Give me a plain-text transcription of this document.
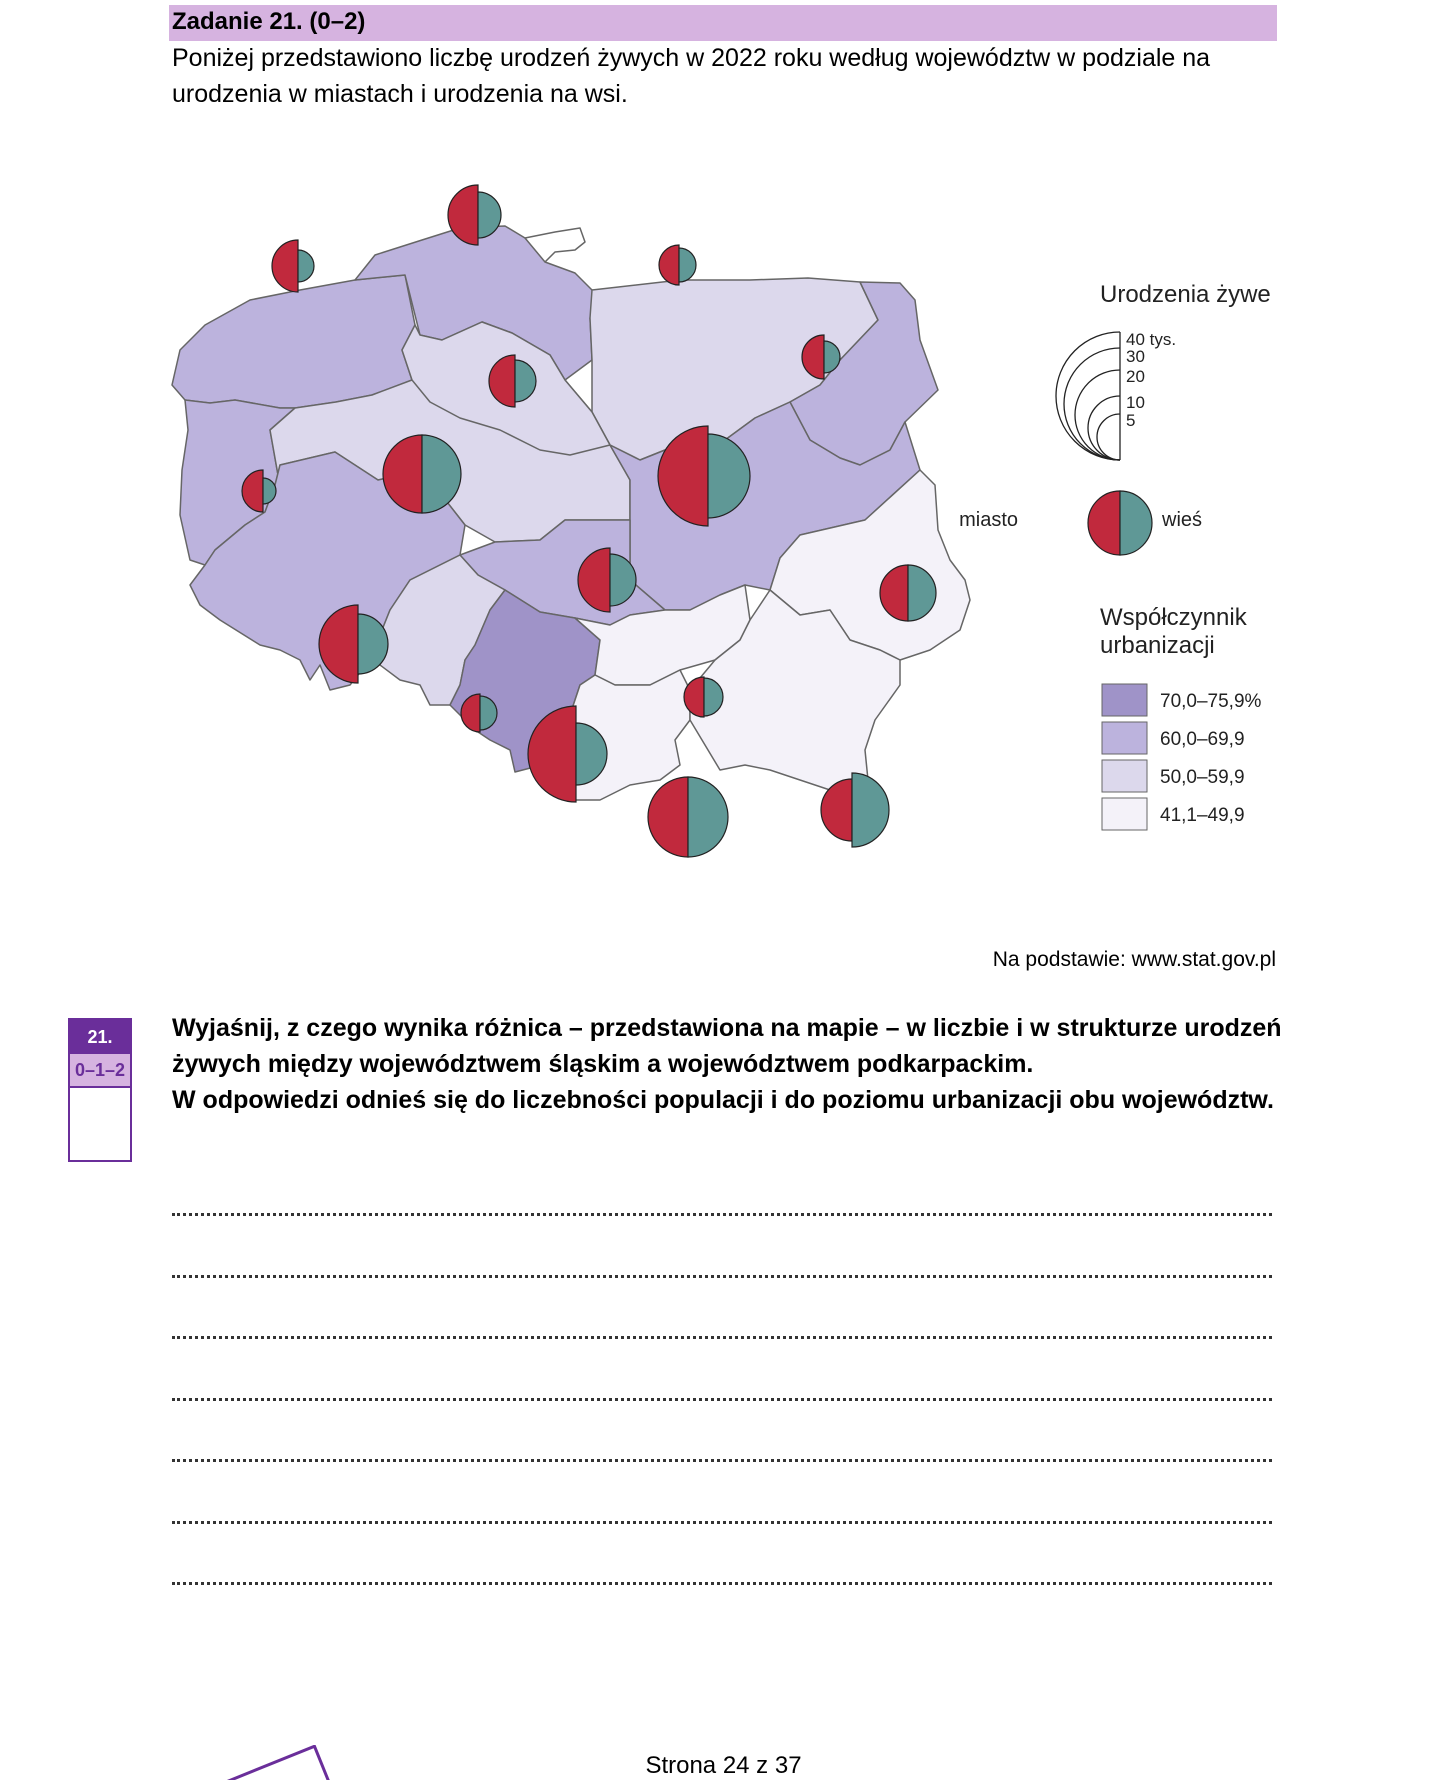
Zadanie 21. (0–2)
Poniżej przedstawiono liczbę urodzeń żywych w 2022 roku według województw w podziale na urodzenia w miastach i urodzenia na wsi.
Urodzenia żywe
40 tys.
30
20
10
5
miasto	wieś
Współczynnik
urbanizacji
70,0–75,9%
60,0–69,9
50,0–59,9
41,1–49,9
Na podstawie: www.stat.gov.pl
21.
0–1–2
Wyjaśnij, z czego wynika różnica – przedstawiona na mapie – w liczbie i w strukturze urodzeń żywych między województwem śląskim a województwem podkarpackim.
W odpowiedzi odnieś się do liczebności populacji i do poziomu urbanizacji obu województw.
Strona 24 z 37
